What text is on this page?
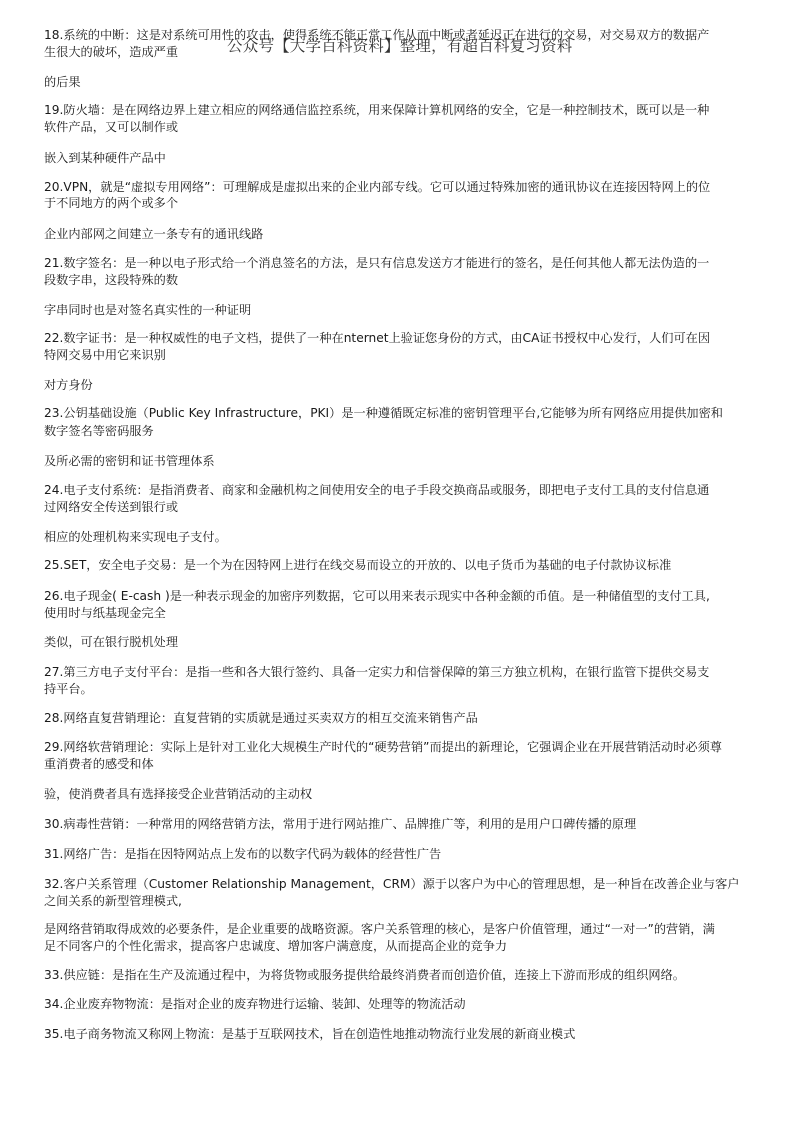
公众号【大学百科资料】整理，有超百科复习资料
18.系统的中断：这是对系统可用性的攻击，使得系统不能正常工作从而中断或者延迟正在进行的交易，对交易双方的数据产
生很大的破坏，造成严重
的后果
19.防火墙：是在网络边界上建立相应的网络通信监控系统，用来保障计算机网络的安全，它是一种控制技术，既可以是一种
软件产品，又可以制作或
嵌入到某种硬件产品中
20.VPN，就是“虚拟专用网络”：可理解成是虚拟出来的企业内部专线。它可以通过特殊加密的通讯协议在连接因特网上的位
于不同地方的两个或多个
企业内部网之间建立一条专有的通讯线路
21.数字签名：是一种以电子形式给一个消息签名的方法，是只有信息发送方才能进行的签名，是任何其他人都无法伪造的一
段数字串，这段特殊的数
字串同时也是对签名真实性的一种证明
22.数字证书：是一种权威性的电子文档，提供了一种在nternet上验证您身份的方式，由CA证书授权中心发行，人们可在因
特网交易中用它来识别
对方身份
23.公钥基础设施（Public Key Infrastructure，PKI）是一种遵循既定标准的密钥管理平台,它能够为所有网络应用提供加密和
数字签名等密码服务
及所必需的密钥和证书管理体系
24.电子支付系统：是指消费者、商家和金融机构之间使用安全的电子手段交换商品或服务，即把电子支付工具的支付信息通
过网络安全传送到银行或
相应的处理机构来实现电子支付。
25.SET，安全电子交易：是一个为在因特网上进行在线交易而设立的开放的、以电子货币为基础的电子付款协议标准
26.电子现金( E-cash )是一种表示现金的加密序列数据，它可以用来表示现实中各种金额的币值。是一种储值型的支付工具,
使用时与纸基现金完全
类似，可在银行脱机处理
27.第三方电子支付平台：是指一些和各大银行签约、具备一定实力和信誉保障的第三方独立机构，在银行监管下提供交易支
持平台。
28.网络直复营销理论：直复营销的实质就是通过买卖双方的相互交流来销售产品
29.网络软营销理论：实际上是针对工业化大规模生产时代的“硬势营销”而提出的新理论，它强调企业在开展营销活动时必须尊
重消费者的感受和体
验，使消费者具有选择接受企业营销活动的主动权
30.病毒性营销：一种常用的网络营销方法，常用于进行网站推广、品牌推广等，利用的是用户口碑传播的原理
31.网络广告：是指在因特网站点上发布的以数字代码为载体的经营性广告
32.客户关系管理（Customer Relationship Management，CRM）源于以客户为中心的管理思想，是一种旨在改善企业与客户
之间关系的新型管理模式,
是网络营销取得成效的必要条件，是企业重要的战略资源。客户关系管理的核心，是客户价值管理，通过“一对一”的营销，满
足不同客户的个性化需求，提高客户忠诚度、增加客户满意度，从而提高企业的竞争力
33.供应链：是指在生产及流通过程中，为将货物或服务提供给最终消费者而创造价值，连接上下游而形成的组织网络。
34.企业废弃物物流：是指对企业的废弃物进行运输、装卸、处理等的物流活动
35.电子商务物流又称网上物流：是基于互联网技术，旨在创造性地推动物流行业发展的新商业模式
